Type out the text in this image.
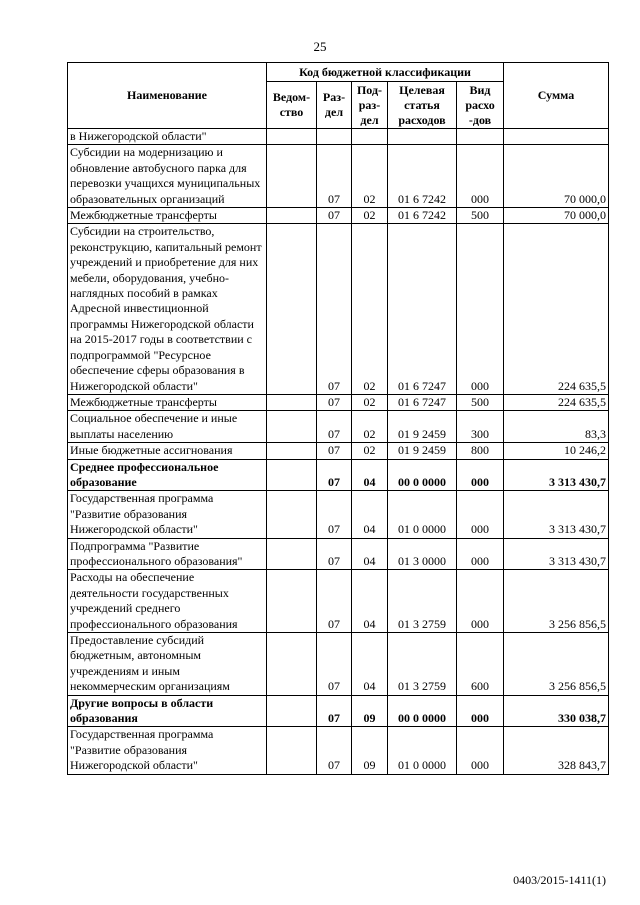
25
Наименование	Код бюджетной классификации					Сумма
	Ведом-ство	Раз-дел	Под-раз-дел	Целевая статья расходов	Вид расхо -дов	
в Нижегородской области"						
Субсидии на модернизацию и обновление автобусного парка для перевозки учащихся муниципальных образовательных организаций		07	02	01 6 7242	000	70 000,0
Межбюджетные трансферты		07	02	01 6 7242	500	70 000,0
Субсидии на строительство, реконструкцию, капитальный ремонт учреждений и приобретение для них мебели, оборудования, учебно-наглядных пособий в рамках Адресной инвестиционной программы Нижегородской области на 2015-2017 годы в соответствии с подпрограммой "Ресурсное обеспечение сферы образования в Нижегородской области"		07	02	01 6 7247	000	224 635,5
Межбюджетные трансферты		07	02	01 6 7247	500	224 635,5
Социальное обеспечение и иные выплаты населению		07	02	01 9 2459	300	83,3
Иные бюджетные ассигнования		07	02	01 9 2459	800	10 246,2
Среднее профессиональное образование		07	04	00 0 0000	000	3 313 430,7
Государственная программа "Развитие образования Нижегородской области"		07	04	01 0 0000	000	3 313 430,7
Подпрограмма "Развитие профессионального образования"		07	04	01 3 0000	000	3 313 430,7
Расходы на обеспечение деятельности государственных учреждений среднего профессионального образования		07	04	01 3 2759	000	3 256 856,5
Предоставление субсидий бюджетным, автономным учреждениям и иным некоммерческим организациям		07	04	01 3 2759	600	3 256 856,5
Другие вопросы в области образования		07	09	00 0 0000	000	330 038,7
Государственная программа "Развитие образования Нижегородской области"		07	09	01 0 0000	000	328 843,7
0403/2015-1411(1)
